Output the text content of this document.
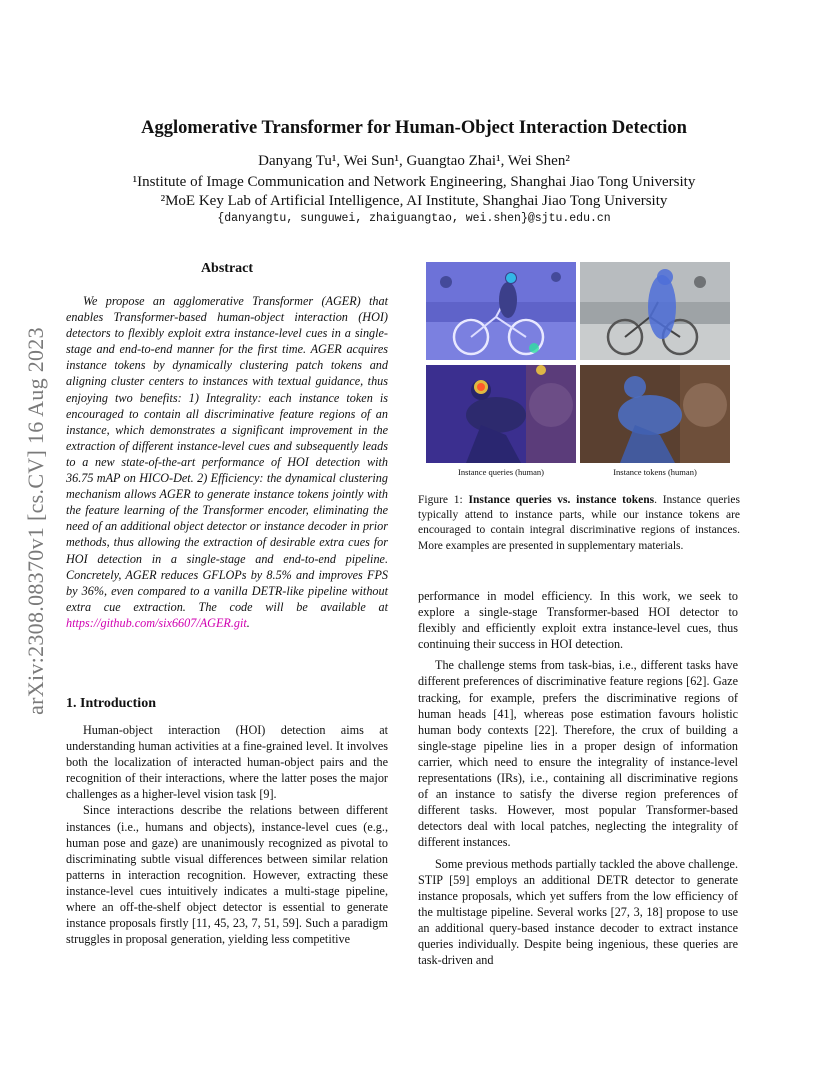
arXiv:2308.08370v1 [cs.CV] 16 Aug 2023
Agglomerative Transformer for Human-Object Interaction Detection
Danyang Tu¹, Wei Sun¹, Guangtao Zhai¹, Wei Shen²
¹Institute of Image Communication and Network Engineering, Shanghai Jiao Tong University
²MoE Key Lab of Artificial Intelligence, AI Institute, Shanghai Jiao Tong University
{danyangtu, sunguwei, zhaiguangtao, wei.shen}@sjtu.edu.cn
Abstract

We propose an agglomerative Transformer (AGER) that enables Transformer-based human-object interaction (HOI) detectors to flexibly exploit extra instance-level cues in a single-stage and end-to-end manner for the first time. AGER acquires instance tokens by dynamically clustering patch tokens and aligning cluster centers to instances with textual guidance, thus enjoying two benefits: 1) Integrality: each instance token is encouraged to contain all discriminative feature regions of an instance, which demonstrates a significant improvement in the extraction of different instance-level cues and subsequently leads to a new state-of-the-art performance of HOI detection with 36.75 mAP on HICO-Det. 2) Efficiency: the dynamical clustering mechanism allows AGER to generate instance tokens jointly with the feature learning of the Transformer encoder, eliminating the need of an additional object detector or instance decoder in prior methods, thus allowing the extraction of desirable extra cues for HOI detection in a single-stage and end-to-end pipeline. Concretely, AGER reduces GFLOPs by 8.5% and improves FPS by 36%, even compared to a vanilla DETR-like pipeline without extra cue extraction. The code will be available at https://github.com/six6607/AGER.git.

1. Introduction

Human-object interaction (HOI) detection aims at understanding human activities at a fine-grained level. It involves both the localization of interacted human-object pairs and the recognition of their interactions, where the latter poses the major challenges as a higher-level vision task [9].

Since interactions describe the relations between different instances (i.e., humans and objects), instance-level cues (e.g., human pose and gaze) are unanimously recognized as pivotal to discriminating subtle visual differences between similar relation patterns in interaction recognition. However, extracting these instance-level cues intuitively indicates a multi-stage pipeline, where an off-the-shelf object detector is essential to generate instance proposals firstly [11, 45, 23, 7, 51, 59]. Such a paradigm struggles in proposal generation, yielding less competitive

Instance queries (human)	Instance tokens (human)
Figure 1: Instance queries vs. instance tokens. Instance queries typically attend to instance parts, while our instance tokens are encouraged to contain integral discriminative regions of instances. More examples are presented in supplementary materials.
performance in model efficiency. In this work, we seek to explore a single-stage Transformer-based HOI detector to flexibly and efficiently exploit extra instance-level cues, thus continuing their success in HOI detection.
The challenge stems from task-bias, i.e., different tasks have different preferences of discriminative feature regions [62]. Gaze tracking, for example, prefers the discriminative regions of human heads [41], whereas pose estimation favours holistic human body contexts [22]. Therefore, the crux of building a single-stage pipeline lies in a proper design of information carrier, which need to ensure the integrality of instance-level representations (IRs), i.e., containing all discriminative regions of an instance to satisfy the diverse region preferences of different tasks. However, most popular Transformer-based detectors deal with local patches, neglecting the integrality of different instances.
Some previous methods partially tackled the above challenge. STIP [59] employs an additional DETR detector to generate instance proposals, which yet suffers from the low efficiency of the multistage pipeline. Several works [27, 3, 18] propose to use an additional query-based instance decoder to extract instance queries individually. Despite being ingenious, these queries are task-driven and
